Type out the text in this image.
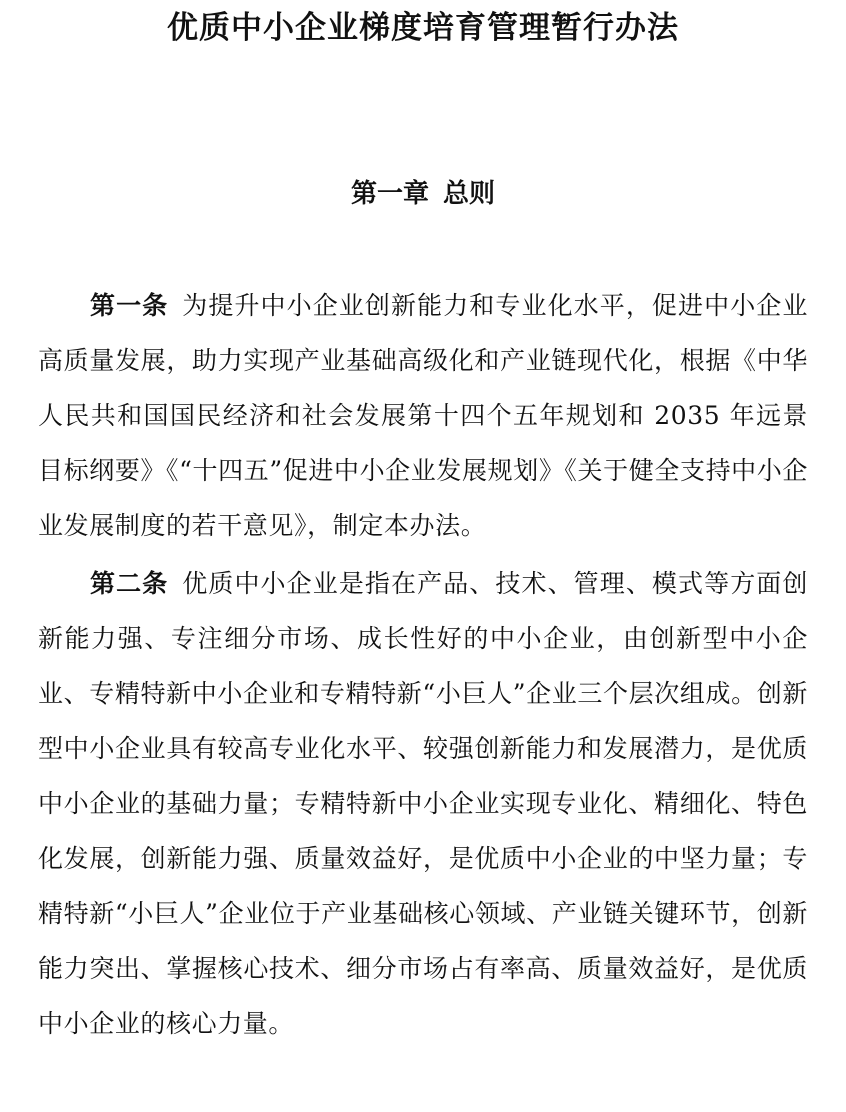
优质中小企业梯度培育管理暂行办法
第一章 总则

第一条 为提升中小企业创新能力和专业化水平，促进中小企业高质量发展，助力实现产业基础高级化和产业链现代化，根据《中华人民共和国国民经济和社会发展第十四个五年规划和 2035 年远景目标纲要》《“十四五”促进中小企业发展规划》《关于健全支持中小企业发展制度的若干意见》，制定本办法。

第二条 优质中小企业是指在产品、技术、管理、模式等方面创新能力强、专注细分市场、成长性好的中小企业，由创新型中小企业、专精特新中小企业和专精特新“小巨人”企业三个层次组成。创新型中小企业具有较高专业化水平、较强创新能力和发展潜力，是优质中小企业的基础力量；专精特新中小企业实现专业化、精细化、特色化发展，创新能力强、质量效益好，是优质中小企业的中坚力量；专精特新“小巨人”企业位于产业基础核心领域、产业链关键环节，创新能力突出、掌握核心技术、细分市场占有率高、质量效益好，是优质中小企业的核心力量。
